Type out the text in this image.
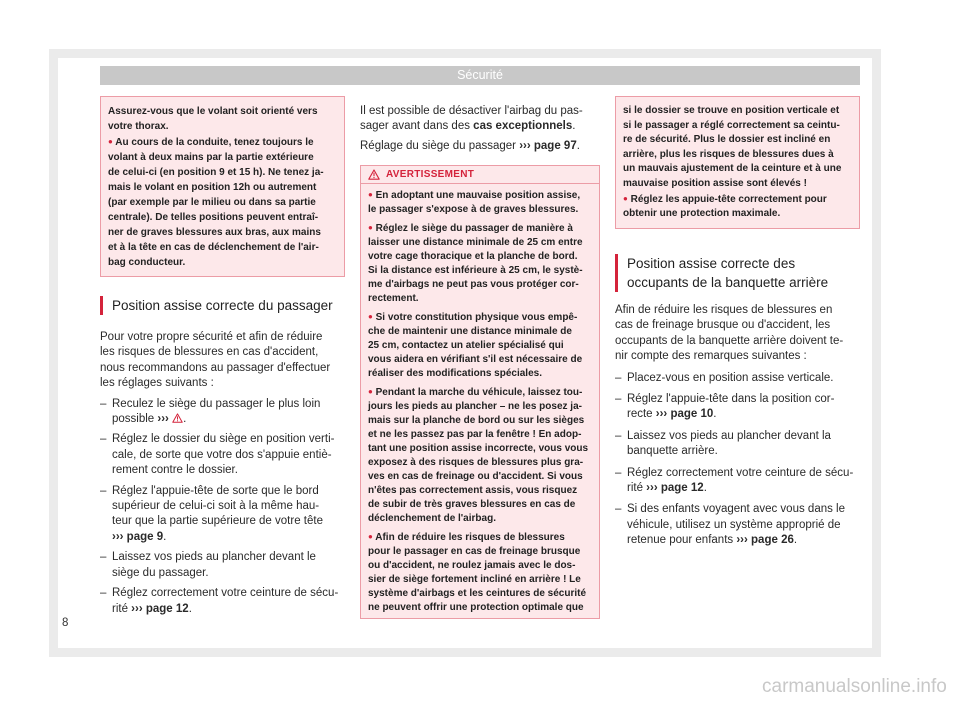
Sécurité
Assurez-vous que le volant soit orienté vers
votre thorax.
● Au cours de la conduite, tenez toujours le
volant à deux mains par la partie extérieure
de celui-ci (en position 9 et 15 h). Ne tenez ja-
mais le volant en position 12h ou autrement
(par exemple par le milieu ou dans sa partie
centrale). De telles positions peuvent entraî-
ner de graves blessures aux bras, aux mains
et à la tête en cas de déclenchement de l'air-
bag conducteur.
Position assise correcte du passager
Pour votre propre sécurité et afin de réduire
les risques de blessures en cas d'accident,
nous recommandons au passager d'effectuer
les réglages suivants :
– Reculez le siège du passager le plus loin
possible ››› .
– Réglez le dossier du siège en position verti-
cale, de sorte que votre dos s'appuie entiè-
rement contre le dossier.
– Réglez l'appuie-tête de sorte que le bord
supérieur de celui-ci soit à la même hau-
teur que la partie supérieure de votre tête
››› page 9.
– Laissez vos pieds au plancher devant le
siège du passager.
– Réglez correctement votre ceinture de sécu-
rité ››› page 12.
Il est possible de désactiver l'airbag du pas-
sager avant dans des cas exceptionnels.
Réglage du siège du passager ››› page 97.
AVERTISSEMENT
● En adoptant une mauvaise position assise,
le passager s'expose à de graves blessures.
● Réglez le siège du passager de manière à
laisser une distance minimale de 25 cm entre
votre cage thoracique et la planche de bord.
Si la distance est inférieure à 25 cm, le systè-
me d'airbags ne peut pas vous protéger cor-
rectement.
● Si votre constitution physique vous empê-
che de maintenir une distance minimale de
25 cm, contactez un atelier spécialisé qui
vous aidera en vérifiant s'il est nécessaire de
réaliser des modifications spéciales.
● Pendant la marche du véhicule, laissez tou-
jours les pieds au plancher – ne les posez ja-
mais sur la planche de bord ou sur les sièges
et ne les passez pas par la fenêtre ! En adop-
tant une position assise incorrecte, vous vous
exposez à des risques de blessures plus gra-
ves en cas de freinage ou d'accident. Si vous
n'êtes pas correctement assis, vous risquez
de subir de très graves blessures en cas de
déclenchement de l'airbag.
● Afin de réduire les risques de blessures
pour le passager en cas de freinage brusque
ou d'accident, ne roulez jamais avec le dos-
sier de siège fortement incliné en arrière ! Le
système d'airbags et les ceintures de sécurité
ne peuvent offrir une protection optimale que
si le dossier se trouve en position verticale et
si le passager a réglé correctement sa ceintu-
re de sécurité. Plus le dossier est incliné en
arrière, plus les risques de blessures dues à
un mauvais ajustement de la ceinture et à une
mauvaise position assise sont élevés !
● Réglez les appuie-tête correctement pour
obtenir une protection maximale.
Position assise correcte des
occupants de la banquette arrière
Afin de réduire les risques de blessures en
cas de freinage brusque ou d'accident, les
occupants de la banquette arrière doivent te-
nir compte des remarques suivantes :
– Placez-vous en position assise verticale.
– Réglez l'appuie-tête dans la position cor-
recte ››› page 10.
– Laissez vos pieds au plancher devant la
banquette arrière.
– Réglez correctement votre ceinture de sécu-
rité ››› page 12.
– Si des enfants voyagent avec vous dans le
véhicule, utilisez un système approprié de
retenue pour enfants ››› page 26.
8
carmanualsonline.info
